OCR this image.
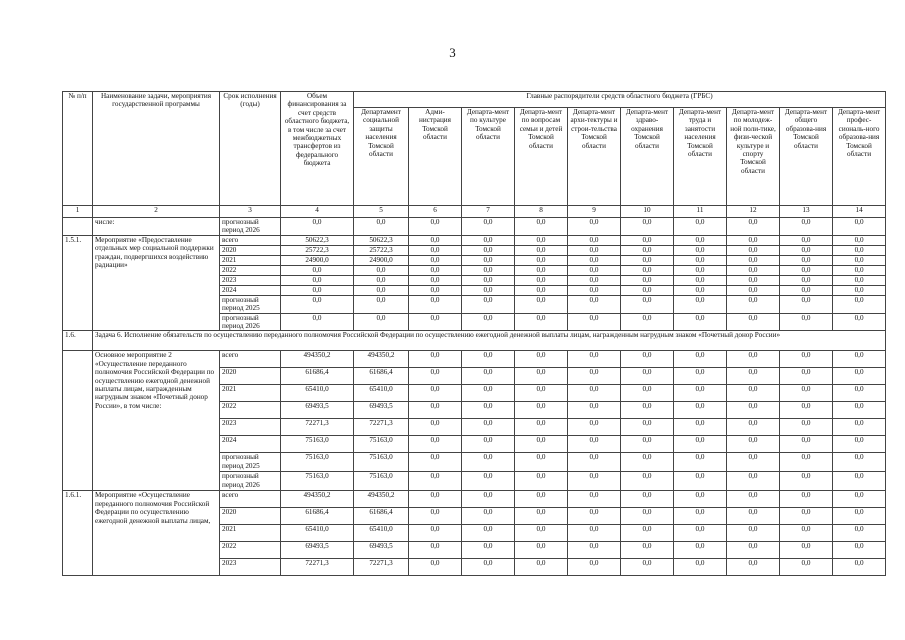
3
№ п/п	Наименование задачи, мероприятия государственной программы	Срок исполнения (годы)	Объем финансирования за счет средств областного бюджета, в том числе за счет межбюджетных трансфертов из федерального бюджета	Главные распорядители средств областного бюджета (ГРБС)									
				Департамент социальной защиты населения Томской области	Адми-нистрация Томской области	Департа-мент по культуре Томской области	Департа-мент по вопросам семьи и детей Томской области	Департа-мент архи-тектуры и строи-тельства Томской области	Департа-мент здраво-охранения Томской области	Департа-мент труда и занятости населения Томской области	Департа-мент по молодеж-ной поли-тике, физи-ческой культуре и спорту Томской области	Департа-мент общего образова-ния Томской области	Департа-мент профес-сиональ-ного образова-ния Томской области
1	2	3	4	5	6	7	8	9	10	11	12	13	14
	числе:	прогнозный период 2026	0,0	0,0	0,0	0,0	0,0	0,0	0,0	0,0	0,0	0,0	0,0
1.5.1.	Мероприятие «Предоставление отдельных мер социальной поддержки граждан, подвергшихся воздействию радиации»	всего	50622,3	50622,3	0,0	0,0	0,0	0,0	0,0	0,0	0,0	0,0	0,0
		2020	25722,3	25722,3	0,0	0,0	0,0	0,0	0,0	0,0	0,0	0,0	0,0
		2021	24900,0	24900,0	0,0	0,0	0,0	0,0	0,0	0,0	0,0	0,0	0,0
		2022	0,0	0,0	0,0	0,0	0,0	0,0	0,0	0,0	0,0	0,0	0,0
		2023	0,0	0,0	0,0	0,0	0,0	0,0	0,0	0,0	0,0	0,0	0,0
		2024	0,0	0,0	0,0	0,0	0,0	0,0	0,0	0,0	0,0	0,0	0,0
		прогнозный период 2025	0,0	0,0	0,0	0,0	0,0	0,0	0,0	0,0	0,0	0,0	0,0
		прогнозный период 2026	0,0	0,0	0,0	0,0	0,0	0,0	0,0	0,0	0,0	0,0	0,0
1.6.	Задача 6. Исполнение обязательств по осуществлению переданного полномочия Российской Федерации по осуществлению ежегодной денежной выплаты лицам, награжденным нагрудным знаком «Почетный донор России»												
	Основное мероприятие 2 «Осуществление переданного полномочия Российской Федерации по осуществлению ежегодной денежной выплаты лицам, награжденным нагрудным знаком «Почетный донор России», в том числе:	всего	494350,2	494350,2	0,0	0,0	0,0	0,0	0,0	0,0	0,0	0,0	0,0
		2020	61686,4	61686,4	0,0	0,0	0,0	0,0	0,0	0,0	0,0	0,0	0,0
		2021	65410,0	65410,0	0,0	0,0	0,0	0,0	0,0	0,0	0,0	0,0	0,0
		2022	69493,5	69493,5	0,0	0,0	0,0	0,0	0,0	0,0	0,0	0,0	0,0
		2023	72271,3	72271,3	0,0	0,0	0,0	0,0	0,0	0,0	0,0	0,0	0,0
		2024	75163,0	75163,0	0,0	0,0	0,0	0,0	0,0	0,0	0,0	0,0	0,0
		прогнозный период 2025	75163,0	75163,0	0,0	0,0	0,0	0,0	0,0	0,0	0,0	0,0	0,0
		прогнозный период 2026	75163,0	75163,0	0,0	0,0	0,0	0,0	0,0	0,0	0,0	0,0	0,0
1.6.1.	Мероприятие «Осуществление переданного полномочия Российской Федерации по осуществлению ежегодной денежной выплаты лицам,	всего	494350,2	494350,2	0,0	0,0	0,0	0,0	0,0	0,0	0,0	0,0	0,0
		2020	61686,4	61686,4	0,0	0,0	0,0	0,0	0,0	0,0	0,0	0,0	0,0
		2021	65410,0	65410,0	0,0	0,0	0,0	0,0	0,0	0,0	0,0	0,0	0,0
		2022	69493,5	69493,5	0,0	0,0	0,0	0,0	0,0	0,0	0,0	0,0	0,0
		2023	72271,3	72271,3	0,0	0,0	0,0	0,0	0,0	0,0	0,0	0,0	0,0
